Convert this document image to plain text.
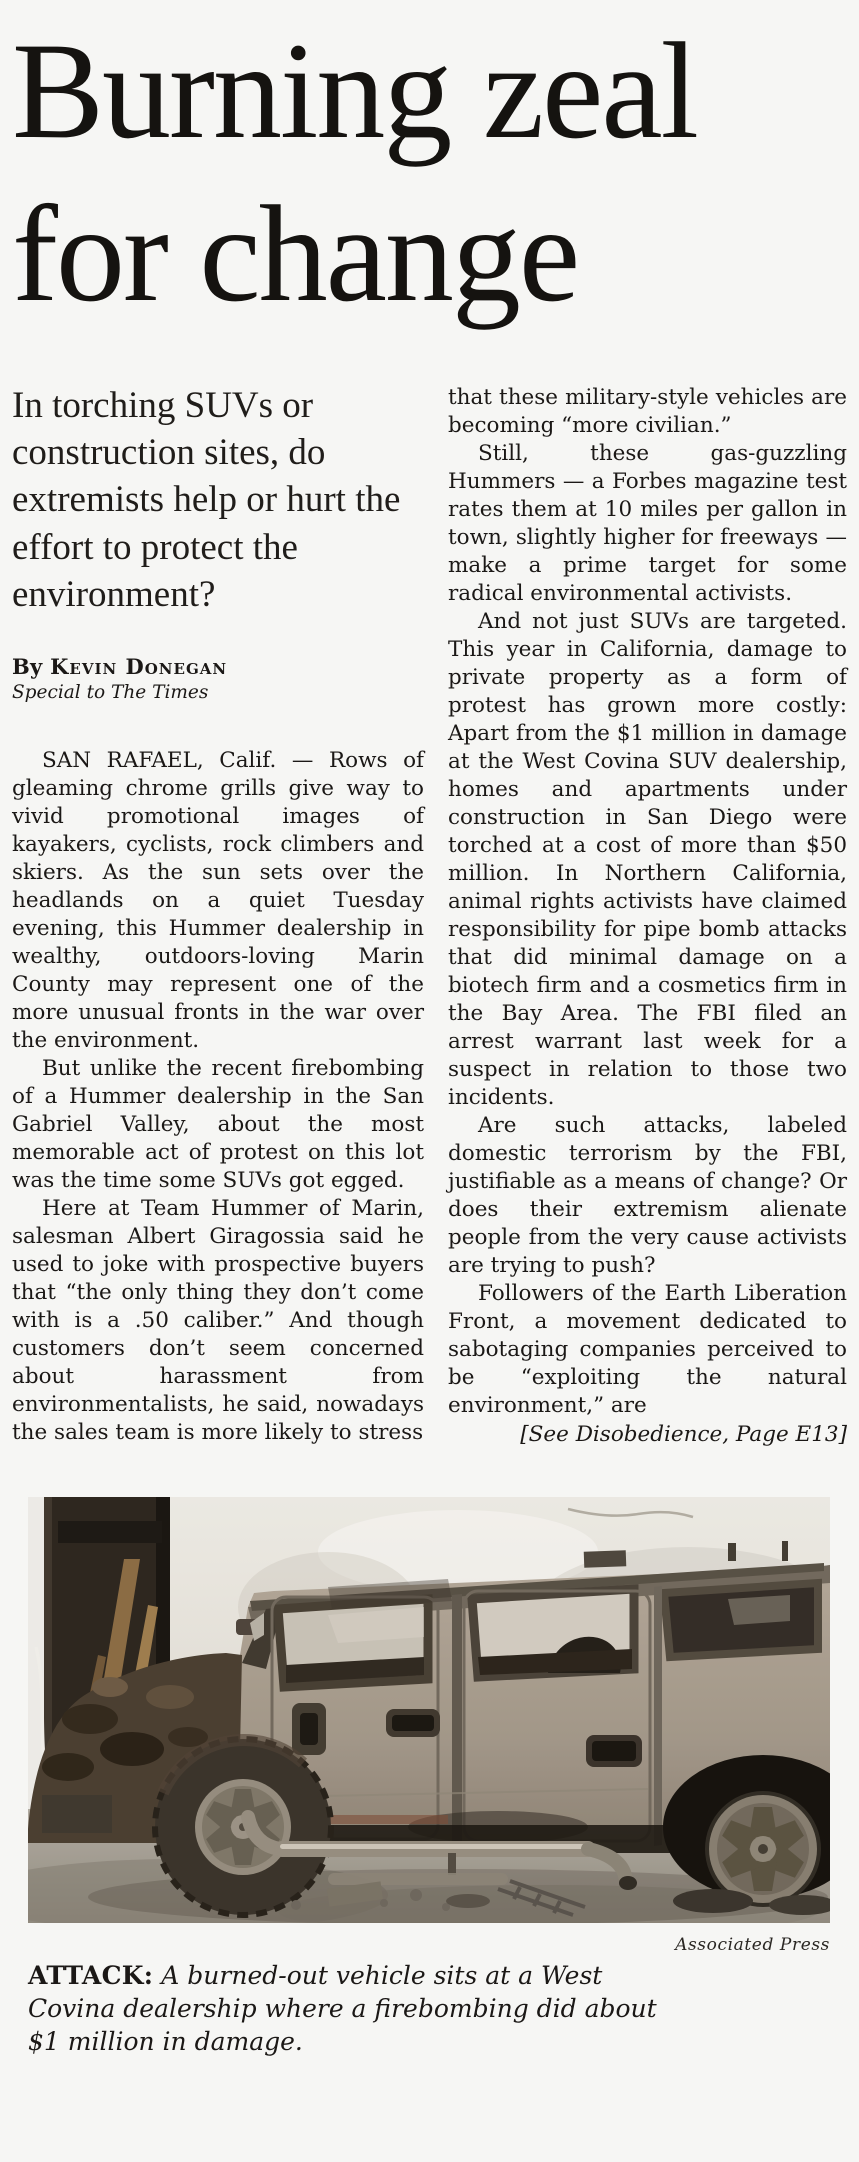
Burning zeal
for change
In torching SUVs or construction sites, do extremists help or hurt the effort to protect the environment?
By Kevin Donegan
Special to The Times

SAN RAFAEL, Calif. — Rows of gleaming chrome grills give way to vivid promotional images of kayakers, cyclists, rock climbers and skiers. As the sun sets over the headlands on a quiet Tuesday evening, this Hummer dealership in wealthy, outdoors-loving Marin County may represent one of the more unusual fronts in the war over the environment.

But unlike the recent firebombing of a Hummer dealership in the San Gabriel Valley, about the most memorable act of protest on this lot was the time some SUVs got egged.

Here at Team Hummer of Marin, salesman Albert Giragossia said he used to joke with prospective buyers that “the only thing they don’t come with is a .50 caliber.” And though customers don’t seem concerned about harassment from environmentalists, he said, nowadays the sales team is more likely to stress

that these military-style vehicles are becoming “more civilian.”

Still, these gas-guzzling Hummers — a Forbes magazine test rates them at 10 miles per gallon in town, slightly higher for freeways — make a prime target for some radical environmental activists.

And not just SUVs are targeted. This year in California, damage to private property as a form of protest has grown more costly: Apart from the $1 million in damage at the West Covina SUV dealership, homes and apartments under construction in San Diego were torched at a cost of more than $50 million. In Northern California, animal rights activists have claimed responsibility for pipe bomb attacks that did minimal damage on a biotech firm and a cosmetics firm in the Bay Area. The FBI filed an arrest warrant last week for a suspect in relation to those two incidents.

Are such attacks, labeled domestic terrorism by the FBI, justifiable as a means of change? Or does their extremism alienate people from the very cause activists are trying to push?

Followers of the Earth Liberation Front, a movement dedicated to sabotaging companies perceived to be “exploiting the natural environment,” are

[See Disobedience, Page E13]

Associated Press
ATTACK: A burned-out vehicle sits at a West Covina dealership where a firebombing did about $1 million in damage.
